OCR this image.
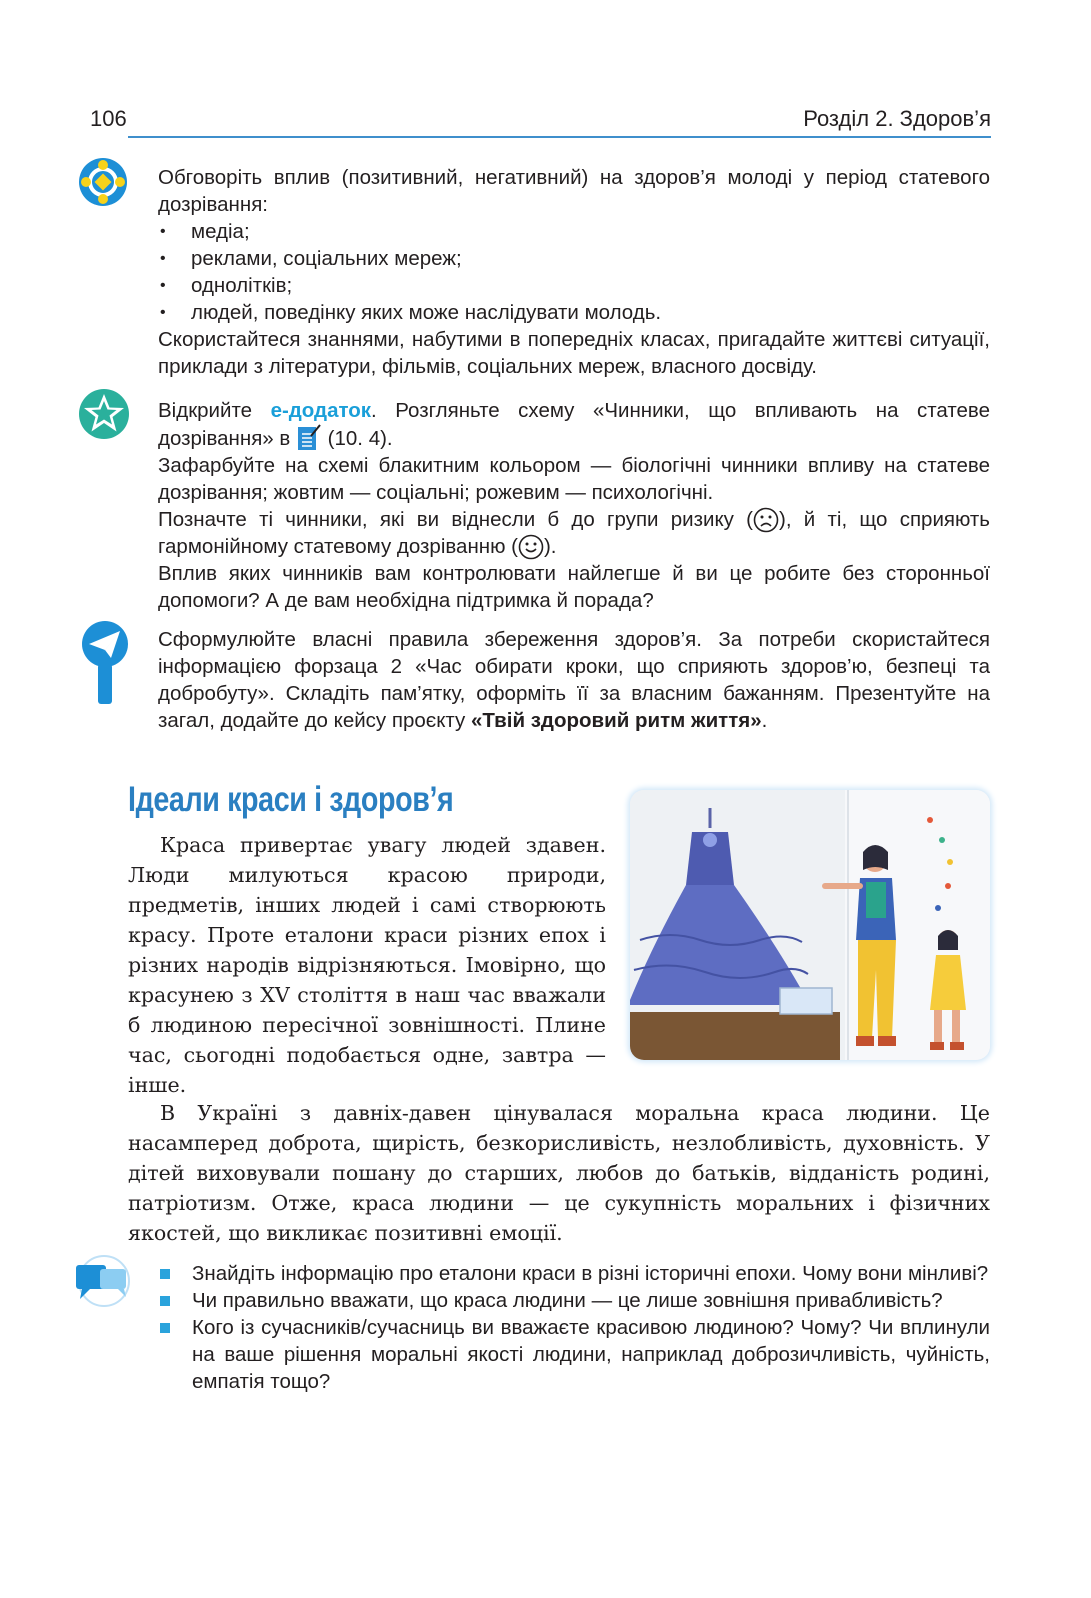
106	Розділ 2. Здоров’я

Обговоріть вплив (позитивний, негативний) на здоров’я молоді у період статевого дозрівання:

• медіа;
• реклами, соціальних мереж;
• однолітків;
• людей, поведінку яких може наслідувати молодь.

Скористайтеся знаннями, набутими в попередніх класах, пригадайте життєві ситуації, приклади з літератури, фільмів, соціальних мереж, власного досвіду.

Відкрийте е-додаток. Розгляньте схему «Чинники, що впливають на статеве дозрівання» в  (10. 4).

Зафарбуйте на схемі блакитним кольором — біологічні чинники впливу на статеве дозрівання; жовтим — соціальні; рожевим — психологічні.

Позначте ті чинники, які ви віднесли б до групи ризику ( ), й ті, що сприяють гармонійному статевому дозріванню ( ).

Вплив яких чинників вам контролювати найлегше й ви це робите без сторонньої допомоги? А де вам необхідна підтримка й порада?

Сформулюйте власні правила збереження здоров’я. За потреби скористайтеся інформацією форзаца 2 «Час обирати кроки, що сприяють здоров’ю, безпеці та добробуту». Складіть пам’ятку, оформіть її за власним бажанням. Презентуйте на загал, додайте до кейсу проєкту «Твій здоровий ритм життя».

Ідеали краси і здоров’я

Краса привертає увагу людей здавен. Люди милуються красою природи, предметів, інших людей і самі створюють красу. Проте еталони краси різних епох і різних народів відрізняються. Імовірно, що красунею з XV століття в наш час вважали б людиною пересічної зовнішності. Плине час, сьогодні подобається одне, завтра — інше.

В Україні з давніх-давен цінувалася моральна краса людини. Це насамперед доброта, щирість, безкорисливість, незлобливість, духовність. У дітей виховували пошану до старших, любов до батьків, відданість родині, патріотизм. Отже, краса людини — це сукупність моральних і фізичних якостей, що викликає позитивні емоції.

Знайдіть інформацію про еталони краси в різні історичні епохи. Чому вони мінливі?
Чи правильно вважати, що краса людини — це лише зовнішня привабливість?
Кого із сучасників/сучасниць ви вважаєте красивою людиною? Чому? Чи вплинули на ваше рішення моральні якості людини, наприклад доброзичливість, чуйність, емпатія тощо?
